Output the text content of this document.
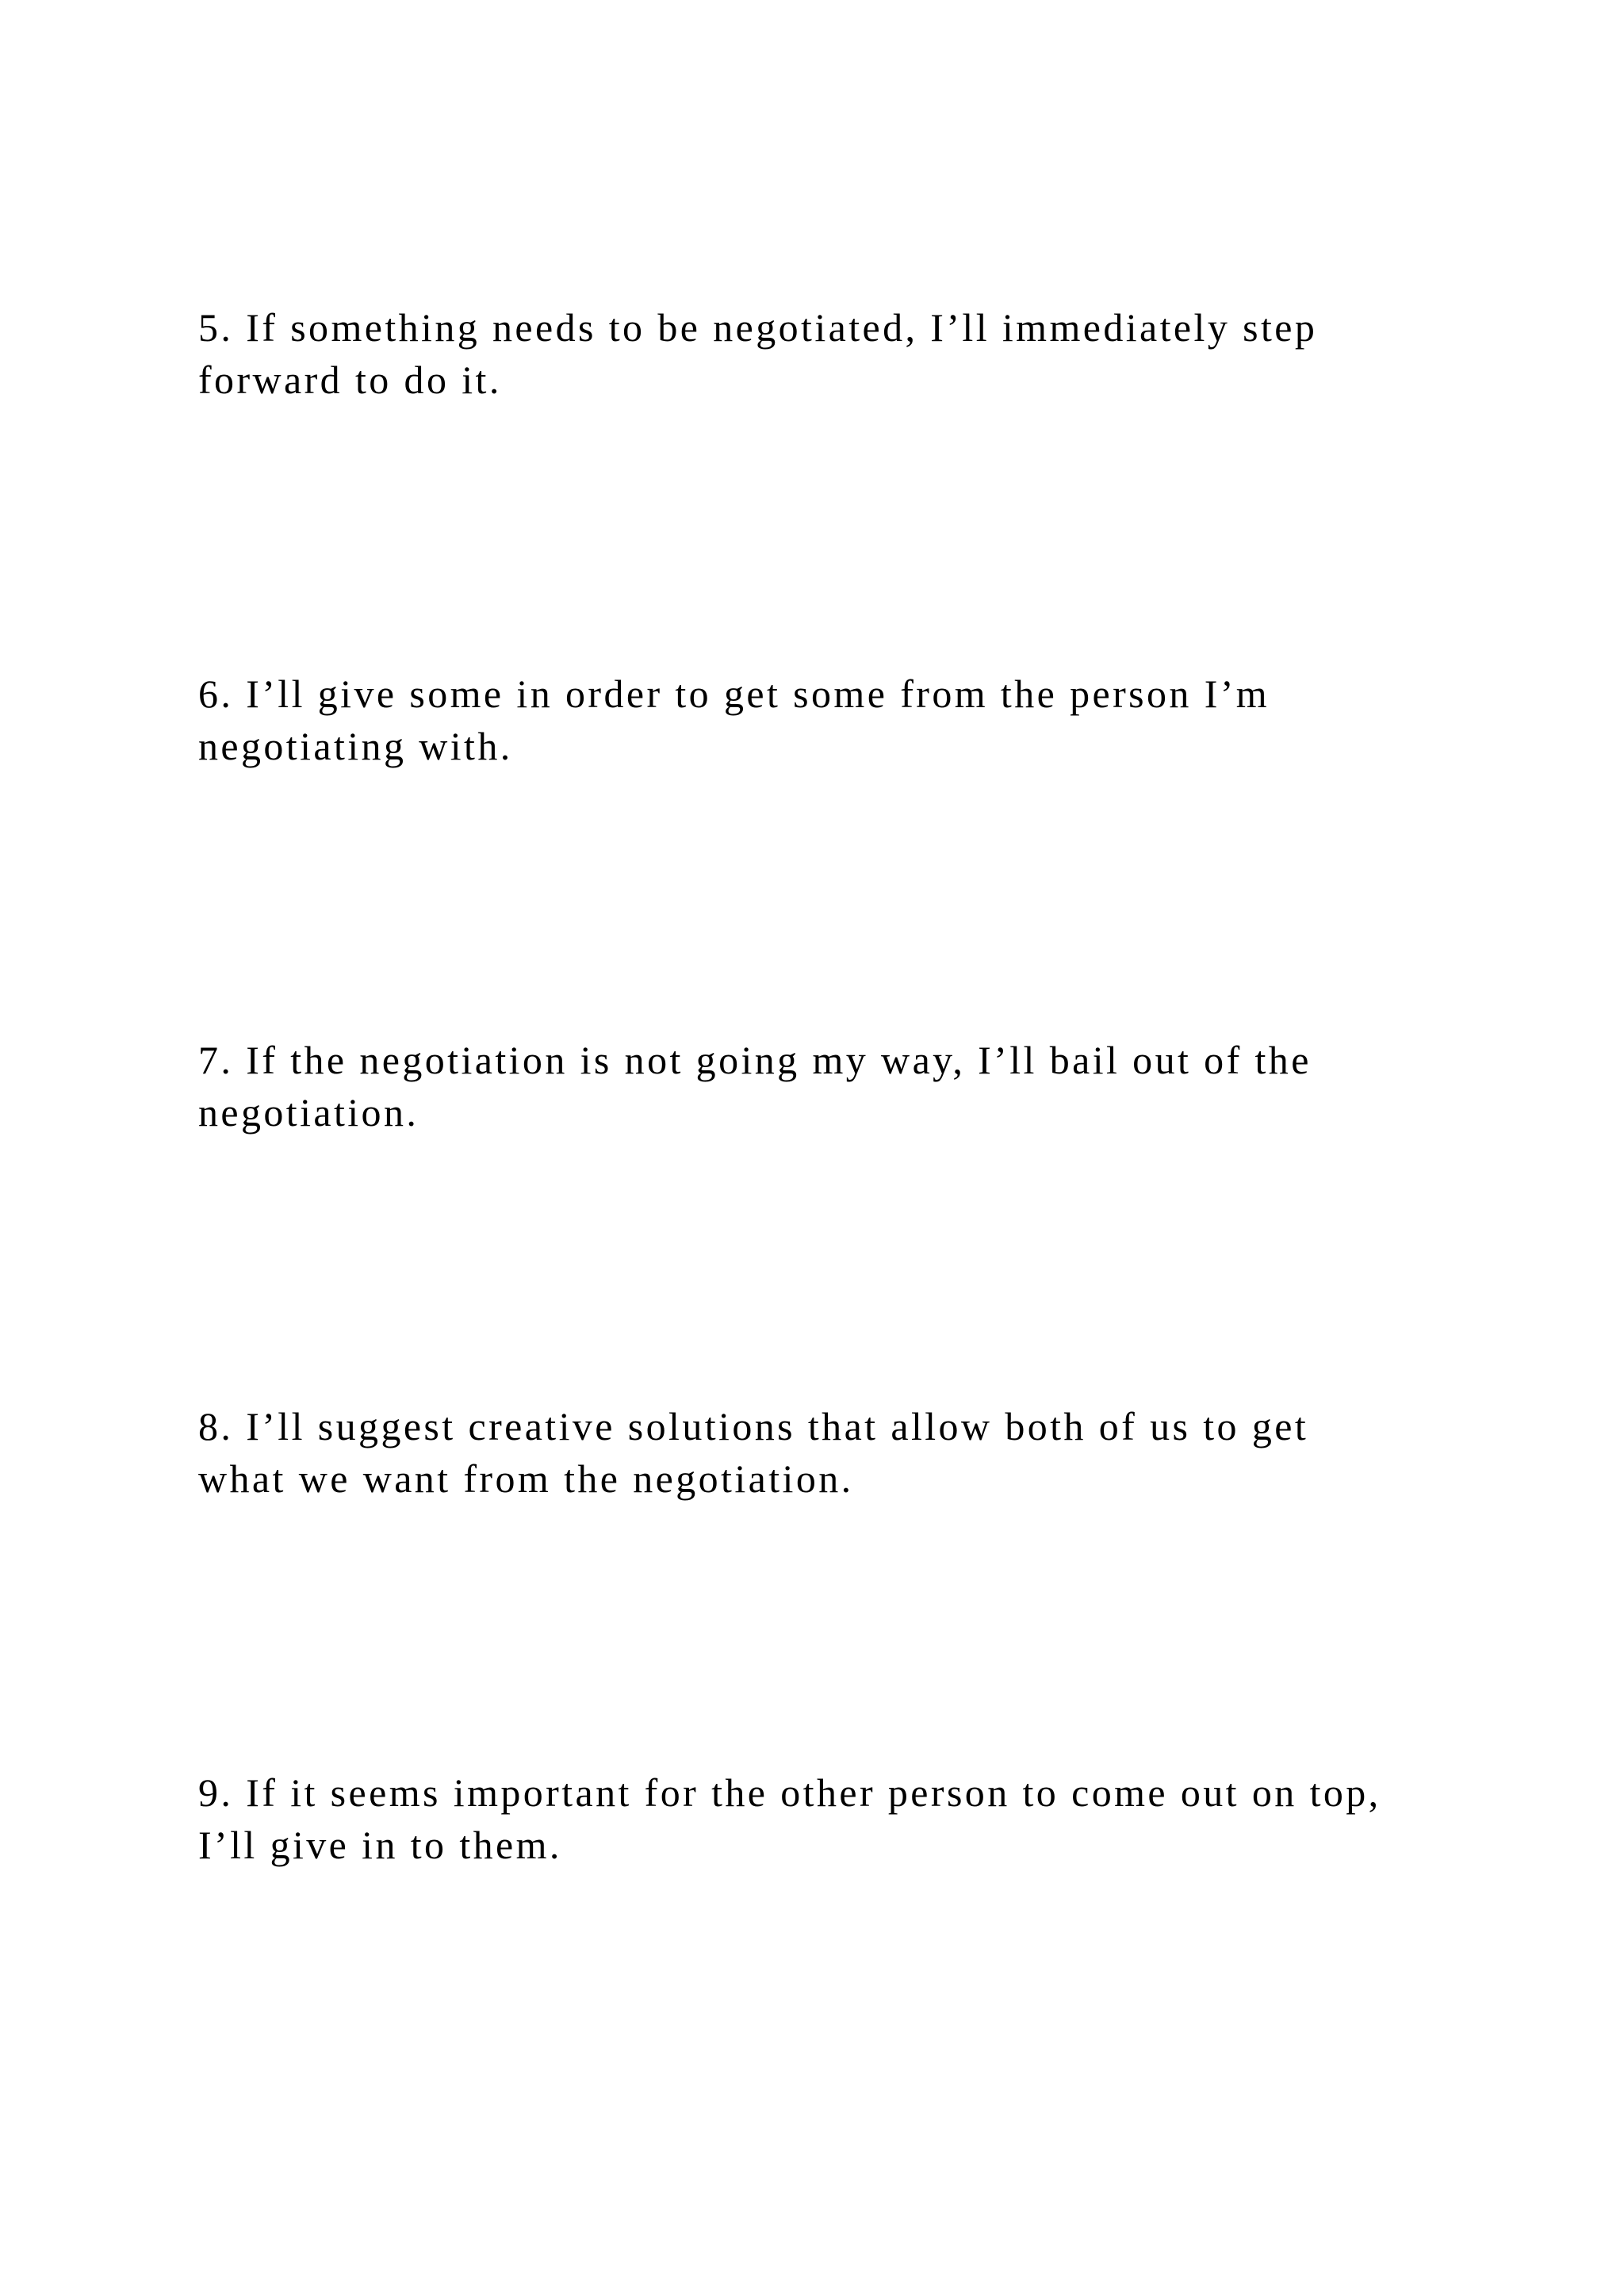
5. If something needs to be negotiated, I’ll immediately step
forward to do it.

6. I’ll give some in order to get some from the person I’m
negotiating with.

7. If the negotiation is not going my way, I’ll bail out of the
negotiation.

8. I’ll suggest creative solutions that allow both of us to get
what we want from the negotiation.

9. If it seems important for the other person to come out on top,
I’ll give in to them.
